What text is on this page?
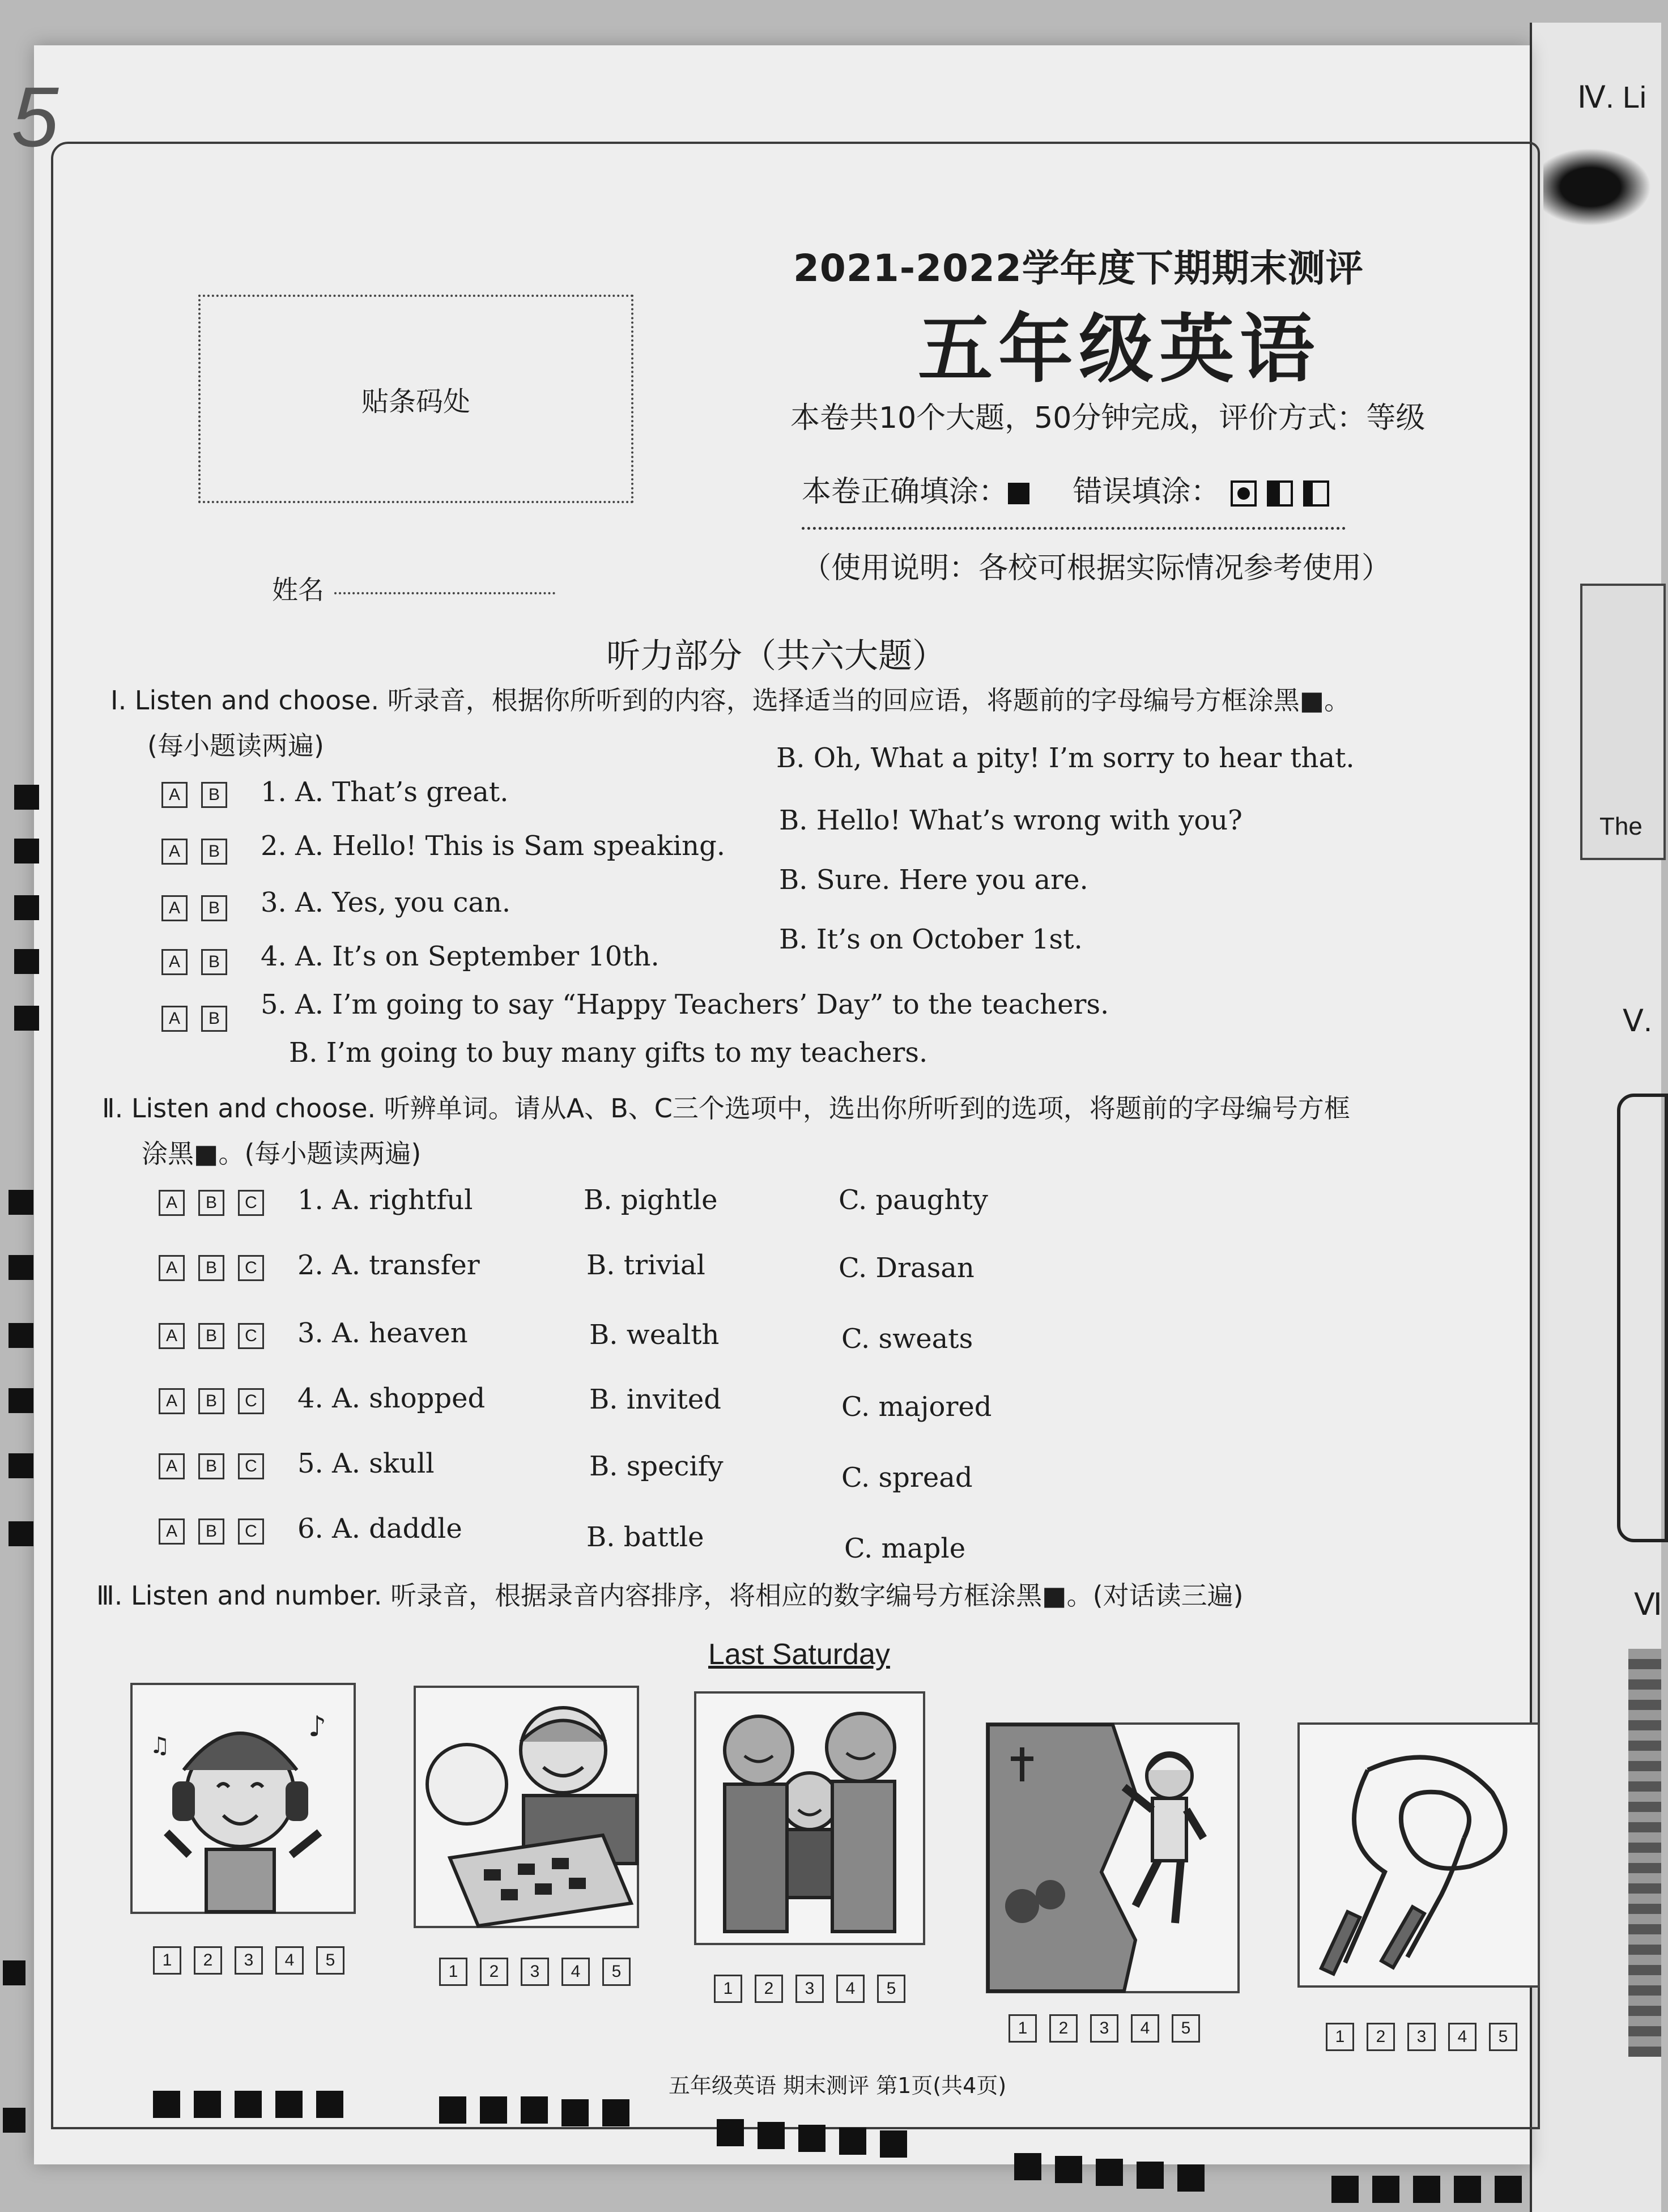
Ⅳ. Li
The
Ⅴ.
Ⅵ
5
贴条码处
姓名
2021-2022学年度下期期末测评
五年级英语
本卷共10个大题，50分钟完成，评价方式：等级
本卷正确填涂： 错误填涂：
（使用说明：各校可根据实际情况参考使用）
听力部分（共六大题）
Ⅰ. Listen and choose. 听录音，根据你所听到的内容，选择适当的回应语，将题前的字母编号方框涂黑■。
(每小题读两遍)
A B	1. A. That’s great.
B. Oh, What a pity! I’m sorry to hear that.
A B	2. A. Hello! This is Sam speaking.
B. Hello! What’s wrong with you?
A B	3. A. Yes, you can.
B. Sure. Here you are.
A B	4. A. It’s on September 10th.
B. It’s on October 1st.
A B	5. A. I’m going to say “Happy Teachers’ Day” to the teachers.
B. I’m going to buy many gifts to my teachers.
Ⅱ. Listen and choose. 听辨单词。请从A、B、C三个选项中，选出你所听到的选项，将题前的字母编号方框
涂黑■。(每小题读两遍)
A B C	1. A. rightful	B. pightle	C. paughty
A B C	2. A. transfer	B. trivial	C. Drasan
A B C	3. A. heaven	B. wealth	C. sweats
A B C	4. A. shopped	B. invited	C. majored
A B C	5. A. skull	B. specify	C. spread
A B C	6. A. daddle	B. battle	C. maple
Ⅲ. Listen and number. 听录音，根据录音内容排序，将相应的数字编号方框涂黑■。(对话读三遍)
Last Saturday
♪
♫
1 2 3 4 5
1 2 3 4 5
1 2 3 4 5
1 2 3 4 5	1 2 3 4 5
五年级英语 期末测评 第1页(共4页)
